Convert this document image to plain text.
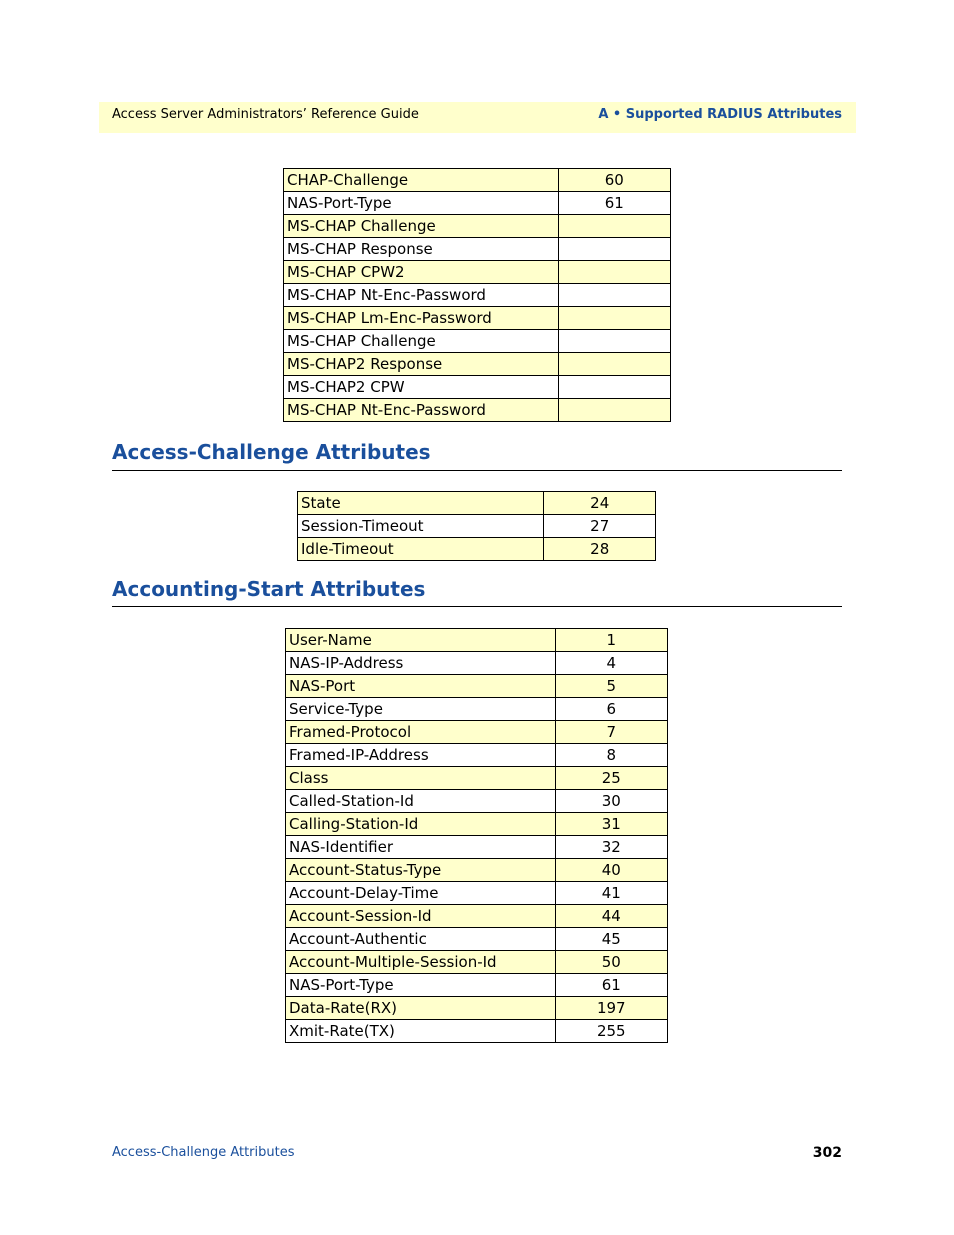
Access Server Administrators’ Reference Guide	A • Supported RADIUS Attributes
CHAP-Challenge	60
NAS-Port-Type	61
MS-CHAP Challenge	
MS-CHAP Response	
MS-CHAP CPW2	
MS-CHAP Nt-Enc-Password	
MS-CHAP Lm-Enc-Password	
MS-CHAP Challenge	
MS-CHAP2 Response	
MS-CHAP2 CPW	
MS-CHAP Nt-Enc-Password	
Access-Challenge Attributes
State	24
Session-Timeout	27
Idle-Timeout	28
Accounting-Start Attributes
User-Name	1
NAS-IP-Address	4
NAS-Port	5
Service-Type	6
Framed-Protocol	7
Framed-IP-Address	8
Class	25
Called-Station-Id	30
Calling-Station-Id	31
NAS-Identifier	32
Account-Status-Type	40
Account-Delay-Time	41
Account-Session-Id	44
Account-Authentic	45
Account-Multiple-Session-Id	50
NAS-Port-Type	61
Data-Rate(RX)	197
Xmit-Rate(TX)	255
Access-Challenge Attributes	302
